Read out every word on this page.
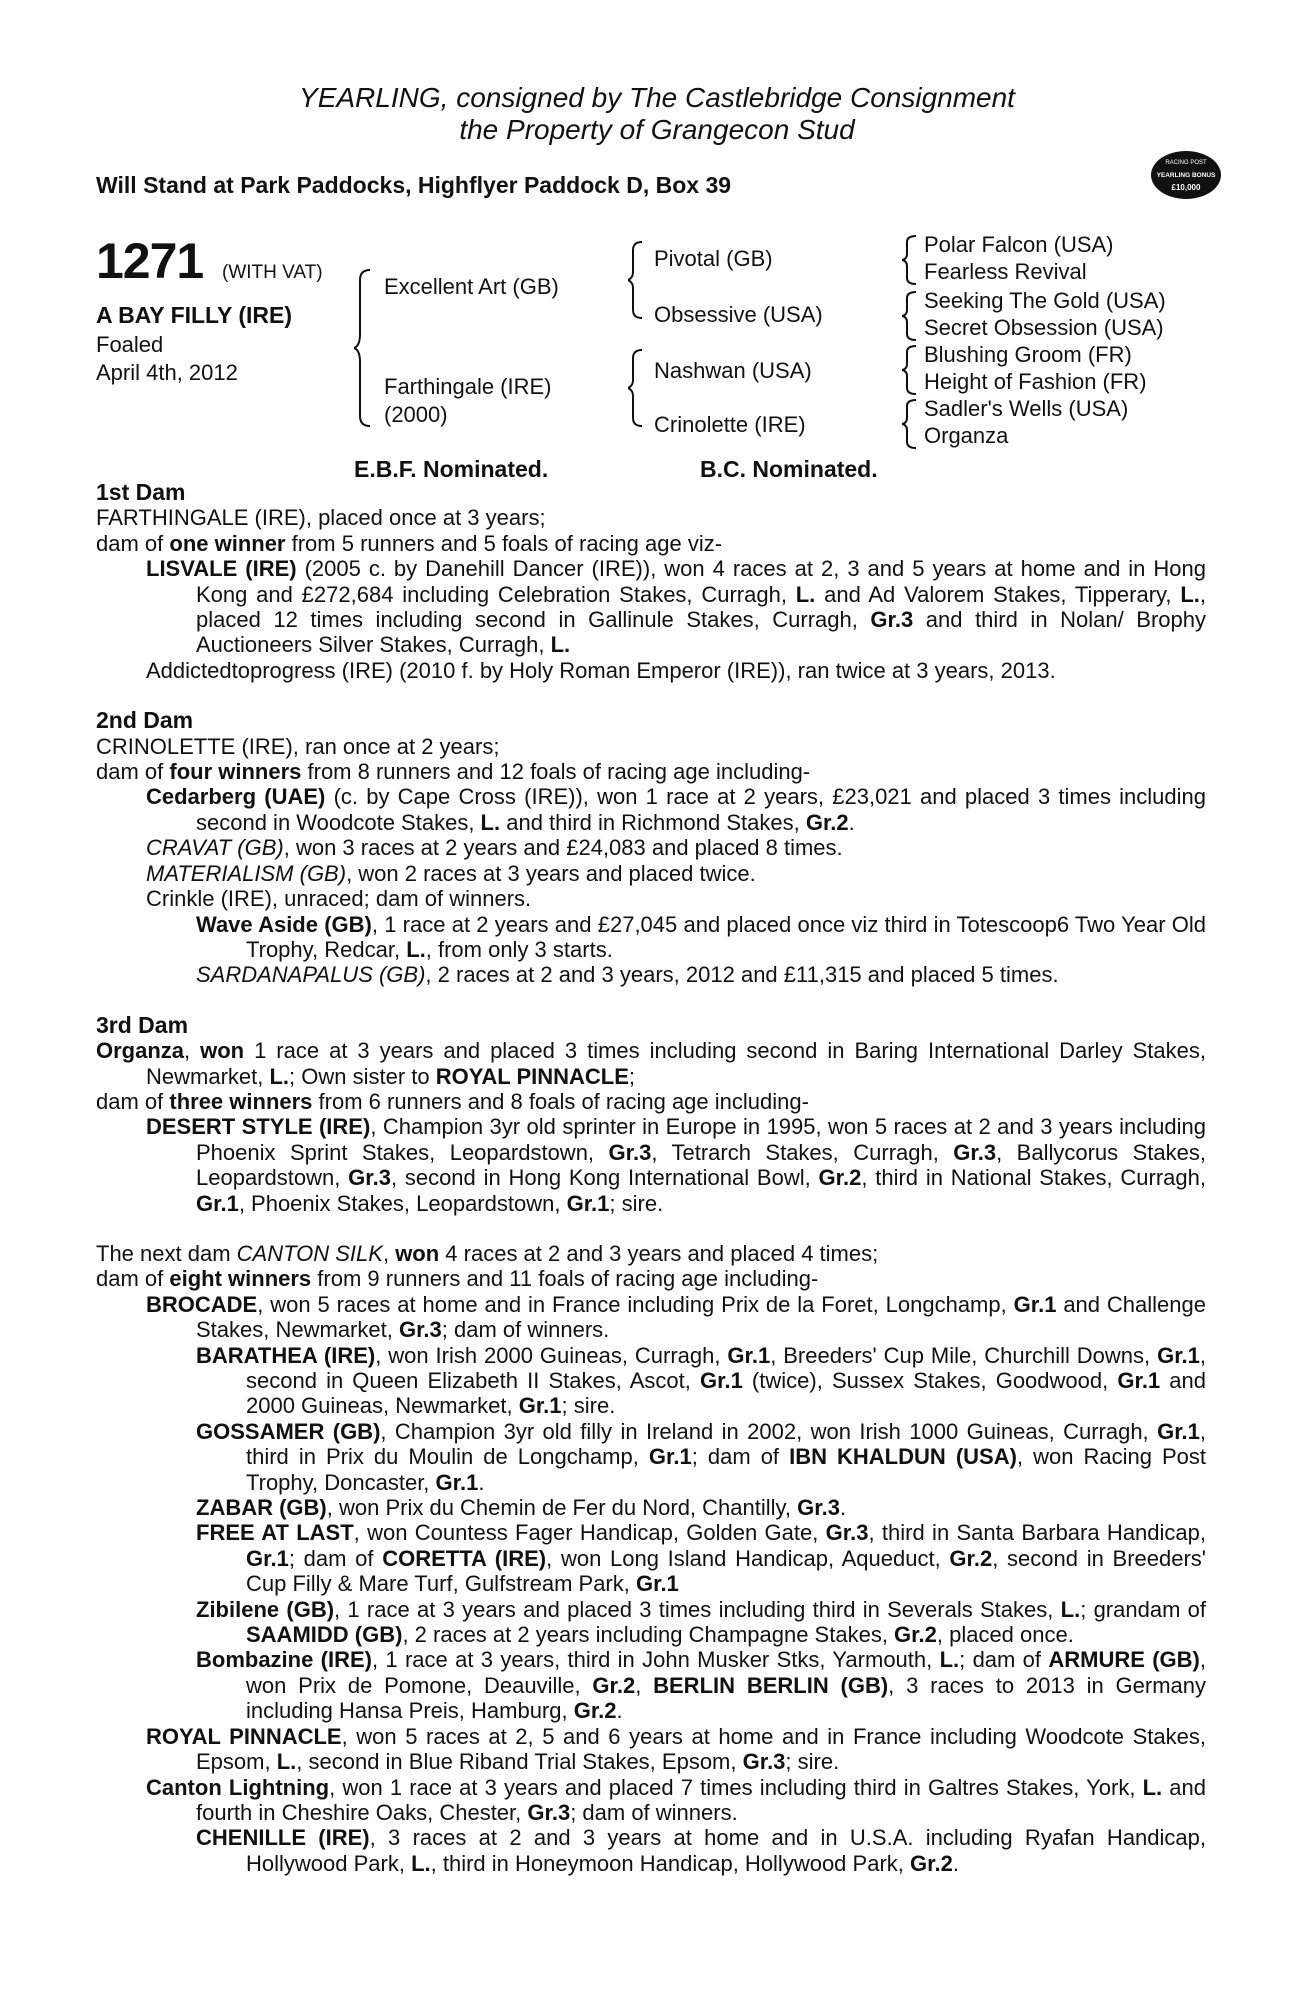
YEARLING, consigned by The Castlebridge Consignment
the Property of Grangecon Stud
Will Stand at Park Paddocks, Highflyer Paddock D, Box 39
RACING POST
YEARLING BONUS
£10,000
1271 (WITH VAT)
A BAY FILLY (IRE)
Foaled
April 4th, 2012
Excellent Art (GB)
Farthingale (IRE)
(2000)
Pivotal (GB)
Obsessive (USA)
Nashwan (USA)
Crinolette (IRE)
Polar Falcon (USA)
Fearless Revival
Seeking The Gold (USA)
Secret Obsession (USA)
Blushing Groom (FR)
Height of Fashion (FR)
Sadler's Wells (USA)
Organza
E.B.F. Nominated.	B.C. Nominated.

1st Dam

FARTHINGALE (IRE), placed once at 3 years;

dam of one winner from 5 runners and 5 foals of racing age viz-

LISVALE (IRE) (2005 c. by Danehill Dancer (IRE)), won 4 races at 2, 3 and 5 years at home and in Hong Kong and £272,684 including Celebration Stakes, Curragh, L. and Ad Valorem Stakes, Tipperary, L., placed 12 times including second in Gallinule Stakes, Curragh, Gr.3 and third in Nolan/ Brophy Auctioneers Silver Stakes, Curragh, L.

Addictedtoprogress (IRE) (2010 f. by Holy Roman Emperor (IRE)), ran twice at 3 years, 2013.

2nd Dam

CRINOLETTE (IRE), ran once at 2 years;

dam of four winners from 8 runners and 12 foals of racing age including-

Cedarberg (UAE) (c. by Cape Cross (IRE)), won 1 race at 2 years, £23,021 and placed 3 times including second in Woodcote Stakes, L. and third in Richmond Stakes, Gr.2.

CRAVAT (GB), won 3 races at 2 years and £24,083 and placed 8 times.

MATERIALISM (GB), won 2 races at 3 years and placed twice.

Crinkle (IRE), unraced; dam of winners.

Wave Aside (GB), 1 race at 2 years and £27,045 and placed once viz third in Totescoop6 Two Year Old Trophy, Redcar, L., from only 3 starts.

SARDANAPALUS (GB), 2 races at 2 and 3 years, 2012 and £11,315 and placed 5 times.

3rd Dam

Organza, won 1 race at 3 years and placed 3 times including second in Baring International Darley Stakes, Newmarket, L.; Own sister to ROYAL PINNACLE;

dam of three winners from 6 runners and 8 foals of racing age including-

DESERT STYLE (IRE), Champion 3yr old sprinter in Europe in 1995, won 5 races at 2 and 3 years including Phoenix Sprint Stakes, Leopardstown, Gr.3, Tetrarch Stakes, Curragh, Gr.3, Ballycorus Stakes, Leopardstown, Gr.3, second in Hong Kong International Bowl, Gr.2, third in National Stakes, Curragh, Gr.1, Phoenix Stakes, Leopardstown, Gr.1; sire.

The next dam CANTON SILK, won 4 races at 2 and 3 years and placed 4 times;

dam of eight winners from 9 runners and 11 foals of racing age including-

BROCADE, won 5 races at home and in France including Prix de la Foret, Longchamp, Gr.1 and Challenge Stakes, Newmarket, Gr.3; dam of winners.

BARATHEA (IRE), won Irish 2000 Guineas, Curragh, Gr.1, Breeders' Cup Mile, Churchill Downs, Gr.1, second in Queen Elizabeth II Stakes, Ascot, Gr.1 (twice), Sussex Stakes, Goodwood, Gr.1 and 2000 Guineas, Newmarket, Gr.1; sire.

GOSSAMER (GB), Champion 3yr old filly in Ireland in 2002, won Irish 1000 Guineas, Curragh, Gr.1, third in Prix du Moulin de Longchamp, Gr.1; dam of IBN KHALDUN (USA), won Racing Post Trophy, Doncaster, Gr.1.

ZABAR (GB), won Prix du Chemin de Fer du Nord, Chantilly, Gr.3.

FREE AT LAST, won Countess Fager Handicap, Golden Gate, Gr.3, third in Santa Barbara Handicap, Gr.1; dam of CORETTA (IRE), won Long Island Handicap, Aqueduct, Gr.2, second in Breeders' Cup Filly & Mare Turf, Gulfstream Park, Gr.1

Zibilene (GB), 1 race at 3 years and placed 3 times including third in Severals Stakes, L.; grandam of SAAMIDD (GB), 2 races at 2 years including Champagne Stakes, Gr.2, placed once.

Bombazine (IRE), 1 race at 3 years, third in John Musker Stks, Yarmouth, L.; dam of ARMURE (GB), won Prix de Pomone, Deauville, Gr.2, BERLIN BERLIN (GB), 3 races to 2013 in Germany including Hansa Preis, Hamburg, Gr.2.

ROYAL PINNACLE, won 5 races at 2, 5 and 6 years at home and in France including Woodcote Stakes, Epsom, L., second in Blue Riband Trial Stakes, Epsom, Gr.3; sire.

Canton Lightning, won 1 race at 3 years and placed 7 times including third in Galtres Stakes, York, L. and fourth in Cheshire Oaks, Chester, Gr.3; dam of winners.

CHENILLE (IRE), 3 races at 2 and 3 years at home and in U.S.A. including Ryafan Handicap, Hollywood Park, L., third in Honeymoon Handicap, Hollywood Park, Gr.2.
